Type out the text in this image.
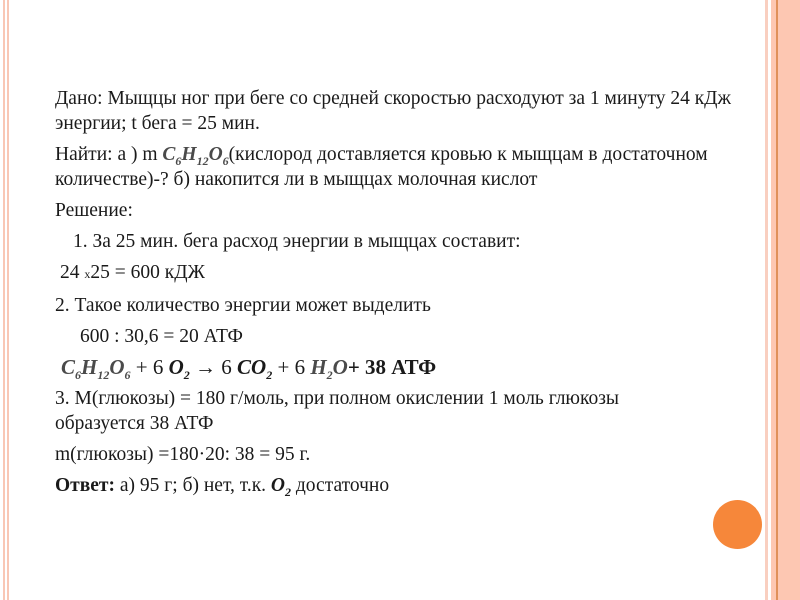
Дано: Мыщцы ног при беге со средней скоростью расходуют за 1 минуту 24 кДж энергии; t бега = 25 мин.

Найти: а ) m $C_6H_{12}O_6(кислород$ доставляется кровью к мыщцам в достаточном количестве)-? б) накопится ли в мыщцах молочная кислот

Решение:

1. За 25 мин. бега расход энергии в мыщцах составит:

24 x25 = 600 кДЖ

2. Такое количество энергии может выделить

600 : 30,6 = 20 АТФ

$C_6H_{12}O_6 + 6$ $O_2 \to 6$ $CO_2 + 6$ $H_2O+ 38$ АТФ

3. M(глюкозы) = 180 г/моль, при полном окислении 1 моль глюкозы
образуется 38 АТФ

m(глюкозы) =180·20: 38 = 95 г.

Ответ: а) 95 г; б) нет, т.к. $O_2$ достаточно
